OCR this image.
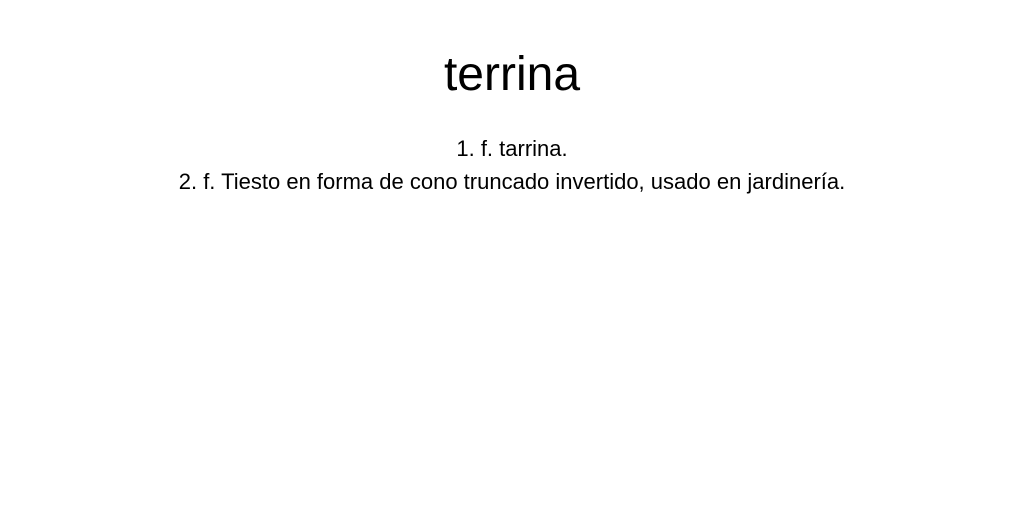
terrina
1. f. tarrina.
2. f. Tiesto en forma de cono truncado invertido, usado en jardinería.
